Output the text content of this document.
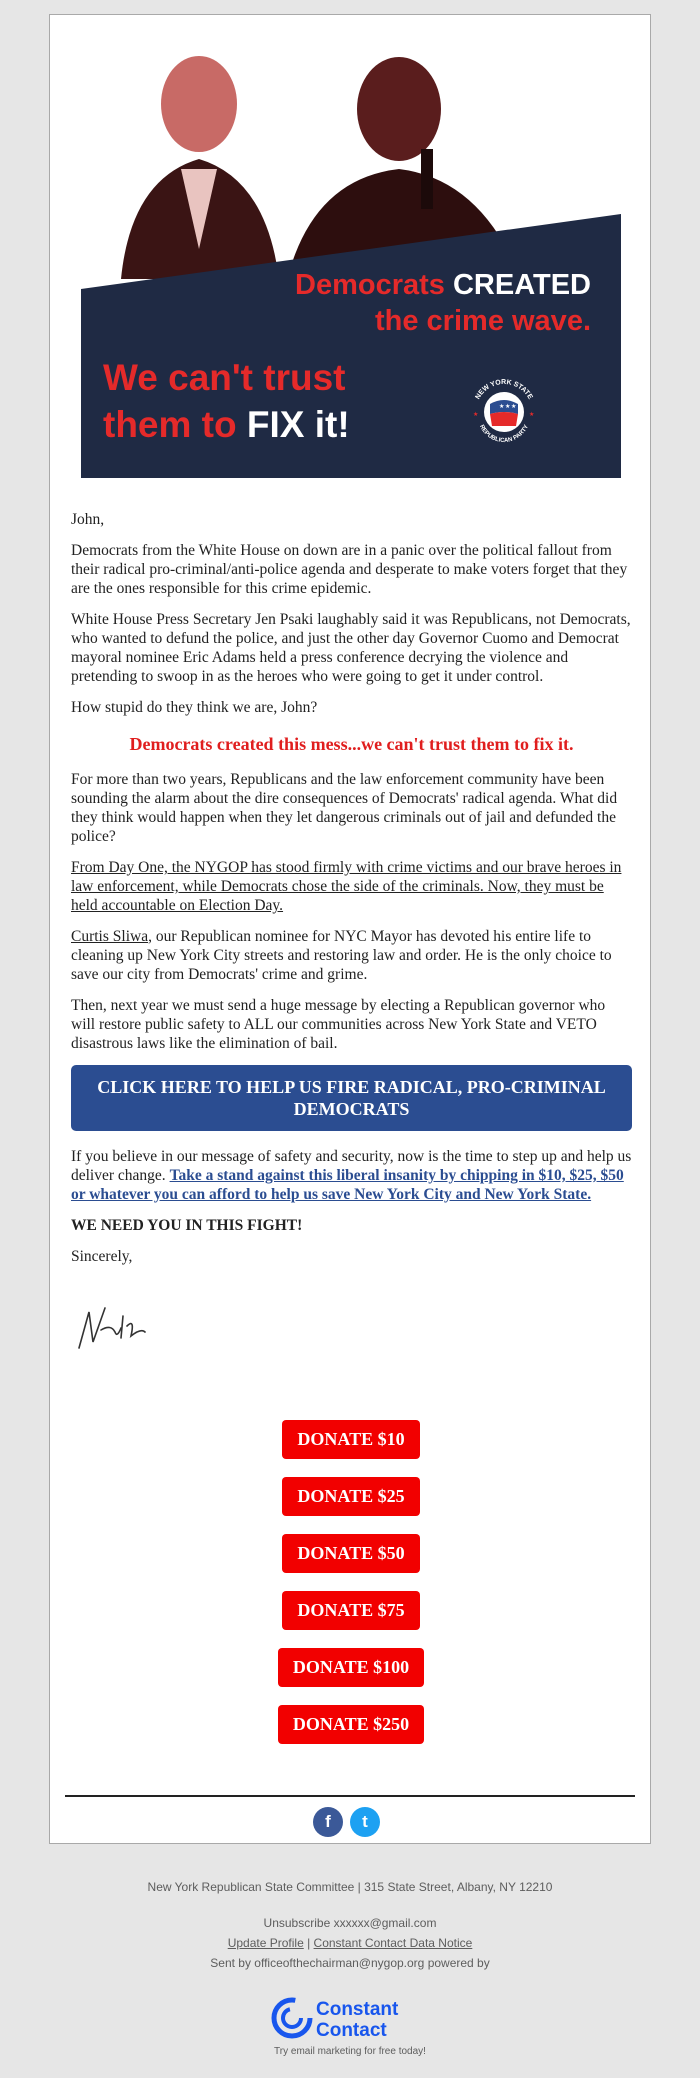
Democrats CREATED
the crime wave.
We can't trust
them to FIX it!
NEW YORK STATE
REPUBLICAN PARTY
★ ★ ★
★	★

John,

Democrats from the White House on down are in a panic over the political fallout from their radical pro-criminal/anti-police agenda and desperate to make voters forget that they are the ones responsible for this crime epidemic.

White House Press Secretary Jen Psaki laughably said it was Republicans, not Democrats, who wanted to defund the police, and just the other day Governor Cuomo and Democrat mayoral nominee Eric Adams held a press conference decrying the violence and pretending to swoop in as the heroes who were going to get it under control.

How stupid do they think we are, John?

Democrats created this mess...we can't trust them to fix it.

For more than two years, Republicans and the law enforcement community have been sounding the alarm about the dire consequences of Democrats' radical agenda. What did they think would happen when they let dangerous criminals out of jail and defunded the police?

From Day One, the NYGOP has stood firmly with crime victims and our brave heroes in law enforcement, while Democrats chose the side of the criminals. Now, they must be held accountable on Election Day.

Curtis Sliwa, our Republican nominee for NYC Mayor has devoted his entire life to cleaning up New York City streets and restoring law and order. He is the only choice to save our city from Democrats' crime and grime.

Then, next year we must send a huge message by electing a Republican governor who will restore public safety to ALL our communities across New York State and VETO disastrous laws like the elimination of bail.

CLICK HERE TO HELP US FIRE RADICAL, PRO-CRIMINAL DEMOCRATS

If you believe in our message of safety and security, now is the time to step up and help us deliver change. Take a stand against this liberal insanity by chipping in $10, $25, $50 or whatever you can afford to help us save New York City and New York State.

WE NEED YOU IN THIS FIGHT!

Sincerely,

DONATE $10
DONATE $25
DONATE $50
DONATE $75
DONATE $100
DONATE $250
f	t
New York Republican State Committee | 315 State Street, Albany, NY 12210
Unsubscribe xxxxxx@gmail.com
Update Profile | Constant Contact Data Notice
Sent by officeofthechairman@nygop.org powered by
Constant
Contact
Try email marketing for free today!
